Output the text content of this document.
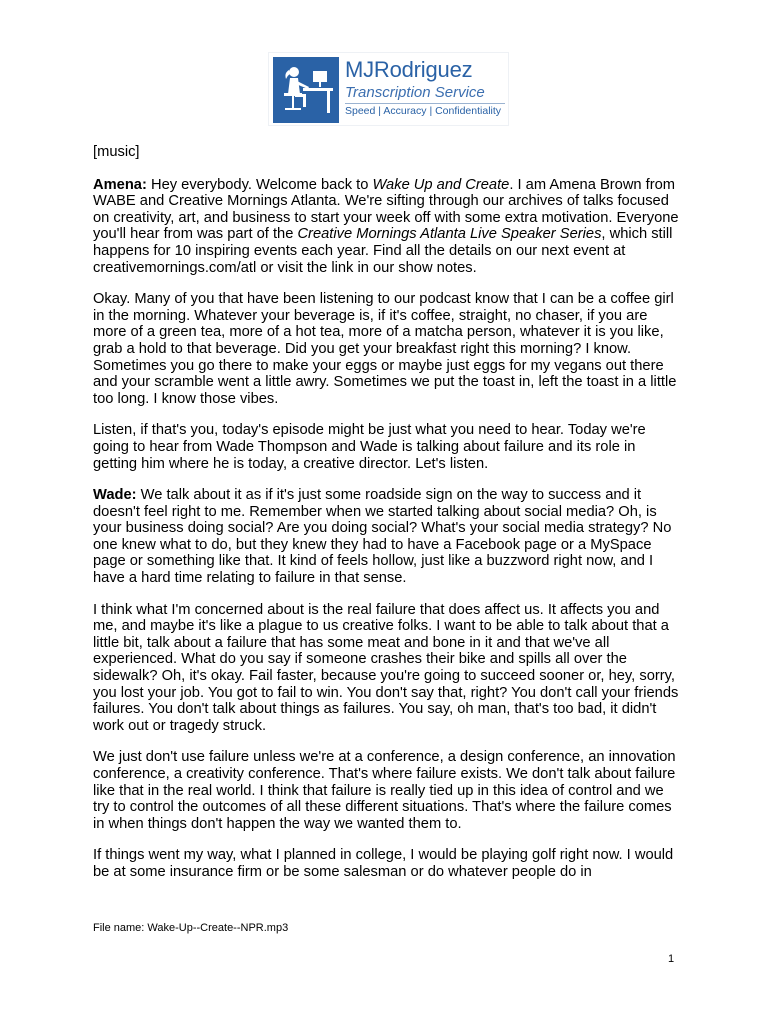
MJRodriguez
Transcription Service
Speed | Accuracy | Confidentiality

[music]

Amena: Hey everybody. Welcome back to Wake Up and Create. I am Amena Brown from WABE and Creative Mornings Atlanta. We're sifting through our archives of talks focused on creativity, art, and business to start your week off with some extra motivation. Everyone you'll hear from was part of the Creative Mornings Atlanta Live Speaker Series, which still happens for 10 inspiring events each year. Find all the details on our next event at creativemornings.com/atl or visit the link in our show notes.

Okay. Many of you that have been listening to our podcast know that I can be a coffee girl in the morning. Whatever your beverage is, if it's coffee, straight, no chaser, if you are more of a green tea, more of a hot tea, more of a matcha person, whatever it is you like, grab a hold to that beverage. Did you get your breakfast right this morning? I know. Sometimes you go there to make your eggs or maybe just eggs for my vegans out there and your scramble went a little awry. Sometimes we put the toast in, left the toast in a little too long. I know those vibes.

Listen, if that's you, today's episode might be just what you need to hear. Today we're going to hear from Wade Thompson and Wade is talking about failure and its role in getting him where he is today, a creative director. Let's listen.

Wade: We talk about it as if it's just some roadside sign on the way to success and it doesn't feel right to me. Remember when we started talking about social media? Oh, is your business doing social? Are you doing social? What's your social media strategy? No one knew what to do, but they knew they had to have a Facebook page or a MySpace page or something like that. It kind of feels hollow, just like a buzzword right now, and I have a hard time relating to failure in that sense.

I think what I'm concerned about is the real failure that does affect us. It affects you and me, and maybe it's like a plague to us creative folks. I want to be able to talk about that a little bit, talk about a failure that has some meat and bone in it and that we've all experienced. What do you say if someone crashes their bike and spills all over the sidewalk? Oh, it's okay. Fail faster, because you're going to succeed sooner or, hey, sorry, you lost your job. You got to fail to win. You don't say that, right? You don't call your friends failures. You don't talk about things as failures. You say, oh man, that's too bad, it didn't work out or tragedy struck.

We just don't use failure unless we're at a conference, a design conference, an innovation conference, a creativity conference. That's where failure exists. We don't talk about failure like that in the real world. I think that failure is really tied up in this idea of control and we try to control the outcomes of all these different situations. That's where the failure comes in when things don't happen the way we wanted them to.

If things went my way, what I planned in college, I would be playing golf right now. I would be at some insurance firm or be some salesman or do whatever people do in

File name: Wake-Up--Create--NPR.mp3
1
